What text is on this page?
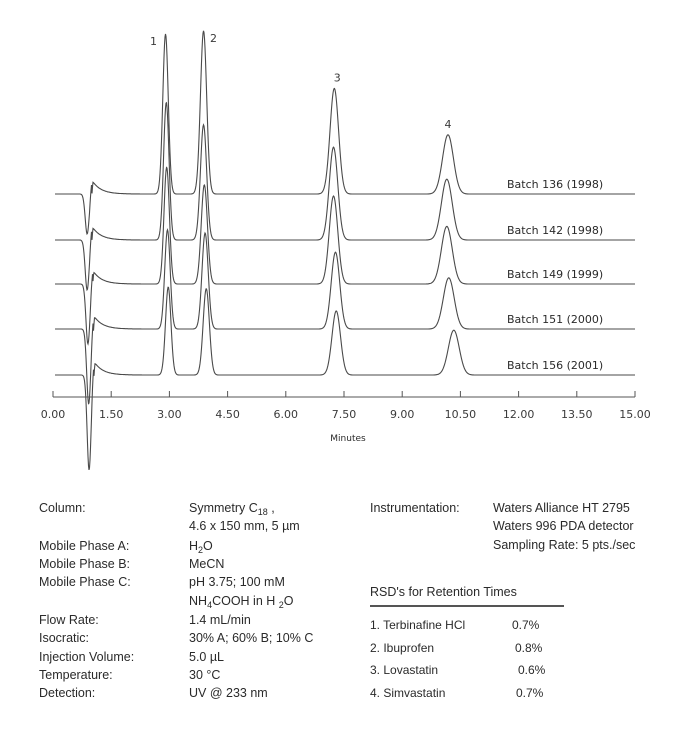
1	2
3
4
Batch 136 (1998)
Batch 142 (1998)
Batch 149 (1999)
Batch 151 (2000)
Batch 156 (2001)
0.00	1.50	3.00	4.50	6.00	7.50	9.00	10.50 12.00 13.50 15.00
Minutes
Column:	Symmetry $C_{18}$ ,
4.6 x 150 mm, 5 µm
Mobile Phase A:	$H_2O$
Mobile Phase B:	MeCN
Mobile Phase C:	pH 3.75; 100 mM
$NH_4COOH$ in H $_2$O
Flow Rate:	1.4 mL/min
Isocratic:	30% A; 60% B; 10% C
Injection Volume:	5.0 µL
Temperature:	30 °C
Detection:	UV @ 233 nm
Instrumentation:	Waters Alliance HT 2795
Waters 996 PDA detector
Sampling Rate: 5 pts./sec
RSD's for Retention Times
1. Terbinafine HCl	0.7%
2. Ibuprofen	0.8%
3. Lovastatin	0.6%
4. Simvastatin	0.7%
